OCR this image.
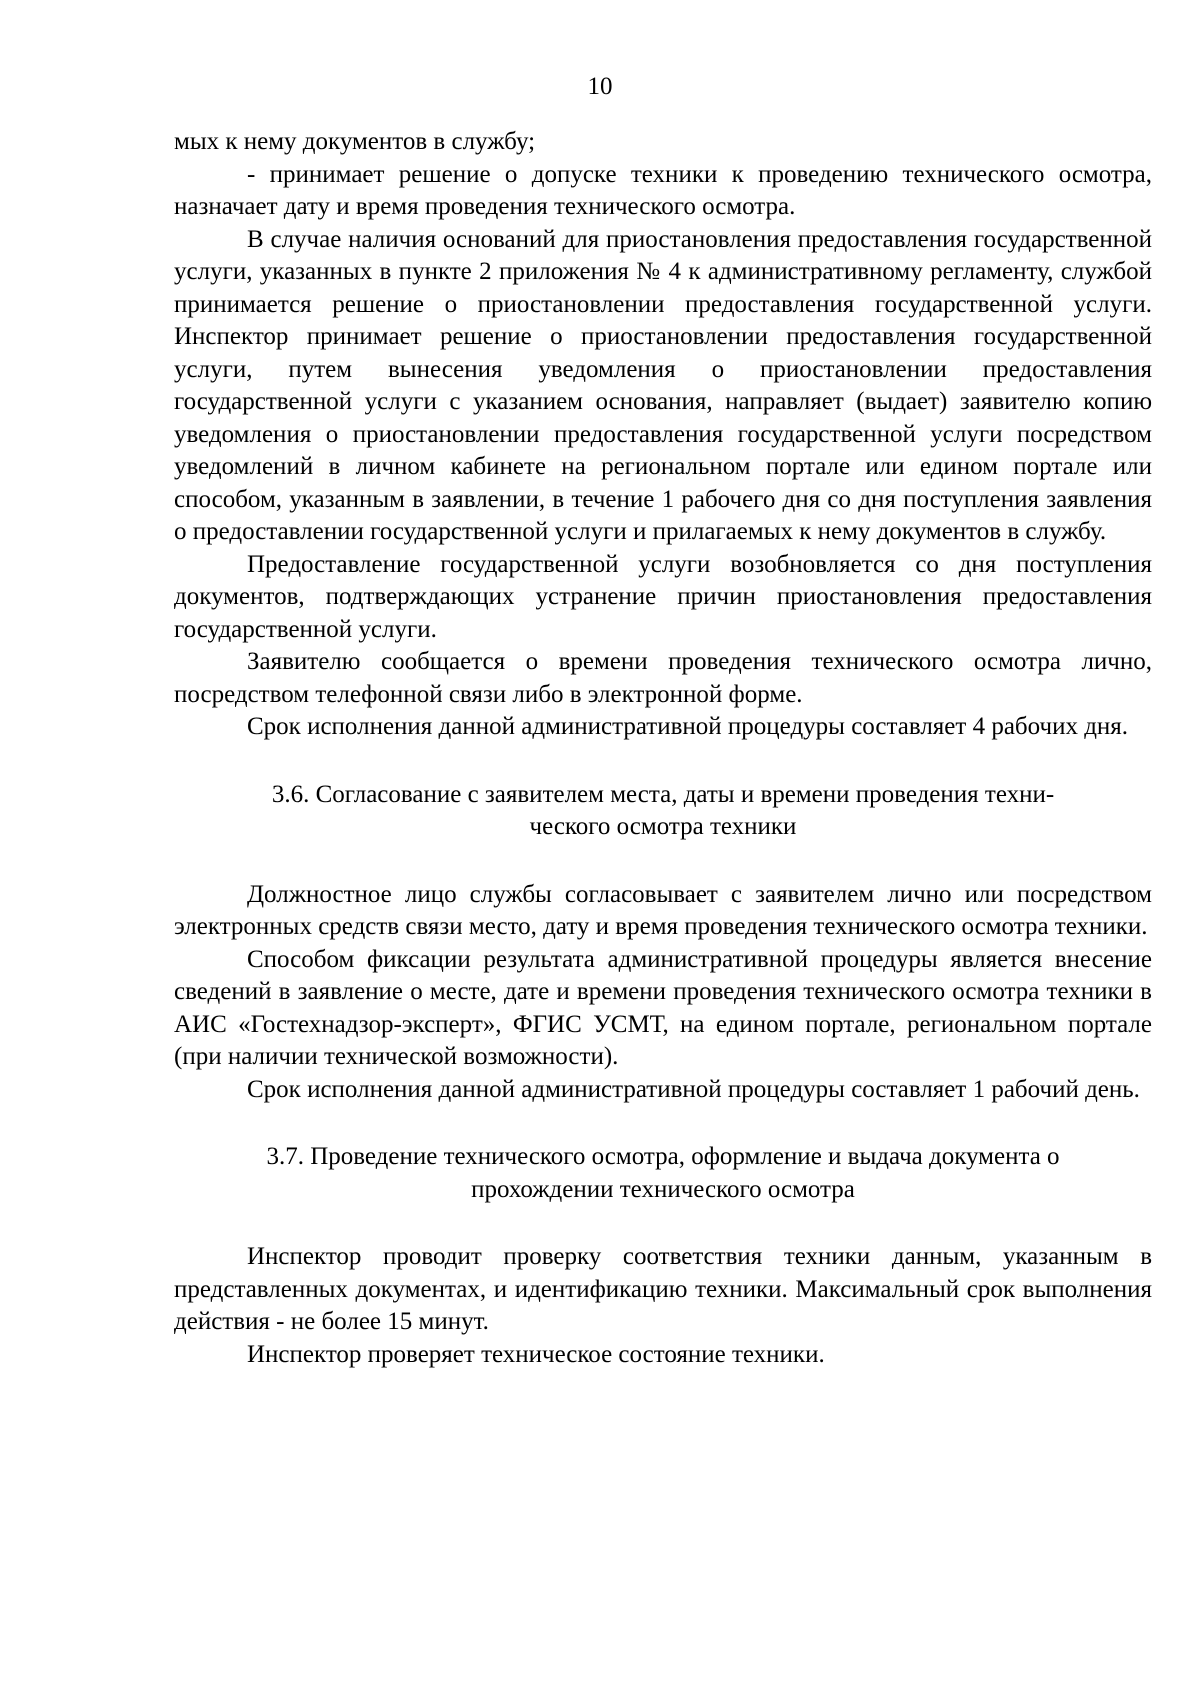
10

мых к нему документов в службу;

- принимает решение о допуске техники к проведению технического осмотра, назначает дату и время проведения технического осмотра.

В случае наличия оснований для приостановления предоставления государственной услуги, указанных в пункте 2 приложения № 4 к административному регламенту, службой принимается решение о приостановлении предоставления государственной услуги. Инспектор принимает решение о приостановлении предоставления государственной услуги, путем вынесения уведомления о приостановлении предоставления государственной услуги с указанием основания, направляет (выдает) заявителю копию уведомления о приостановлении предоставления государственной услуги посредством уведомлений в личном кабинете на региональном портале или едином портале или способом, указанным в заявлении, в течение 1 рабочего дня со дня поступления заявления о предоставлении государственной услуги и прилагаемых к нему документов в службу.

Предоставление государственной услуги возобновляется со дня поступления документов, подтверждающих устранение причин приостановления предоставления государственной услуги.

Заявителю сообщается о времени проведения технического осмотра лично, посредством телефонной связи либо в электронной форме.

Срок исполнения данной административной процедуры составляет 4 рабочих дня.

3.6. Согласование с заявителем места, даты и времени проведения техни-
ческого осмотра техники

Должностное лицо службы согласовывает с заявителем лично или посредством электронных средств связи место, дату и время проведения технического осмотра техники.

Способом фиксации результата административной процедуры является внесение сведений в заявление о месте, дате и времени проведения технического осмотра техники в АИС «Гостехнадзор-эксперт», ФГИС УСМТ, на едином портале, региональном портале (при наличии технической возможности).

Срок исполнения данной административной процедуры составляет 1 рабочий день.

3.7. Проведение технического осмотра, оформление и выдача документа о
прохождении технического осмотра

Инспектор проводит проверку соответствия техники данным, указанным в представленных документах, и идентификацию техники. Максимальный срок выполнения действия - не более 15 минут.

Инспектор проверяет техническое состояние техники.
